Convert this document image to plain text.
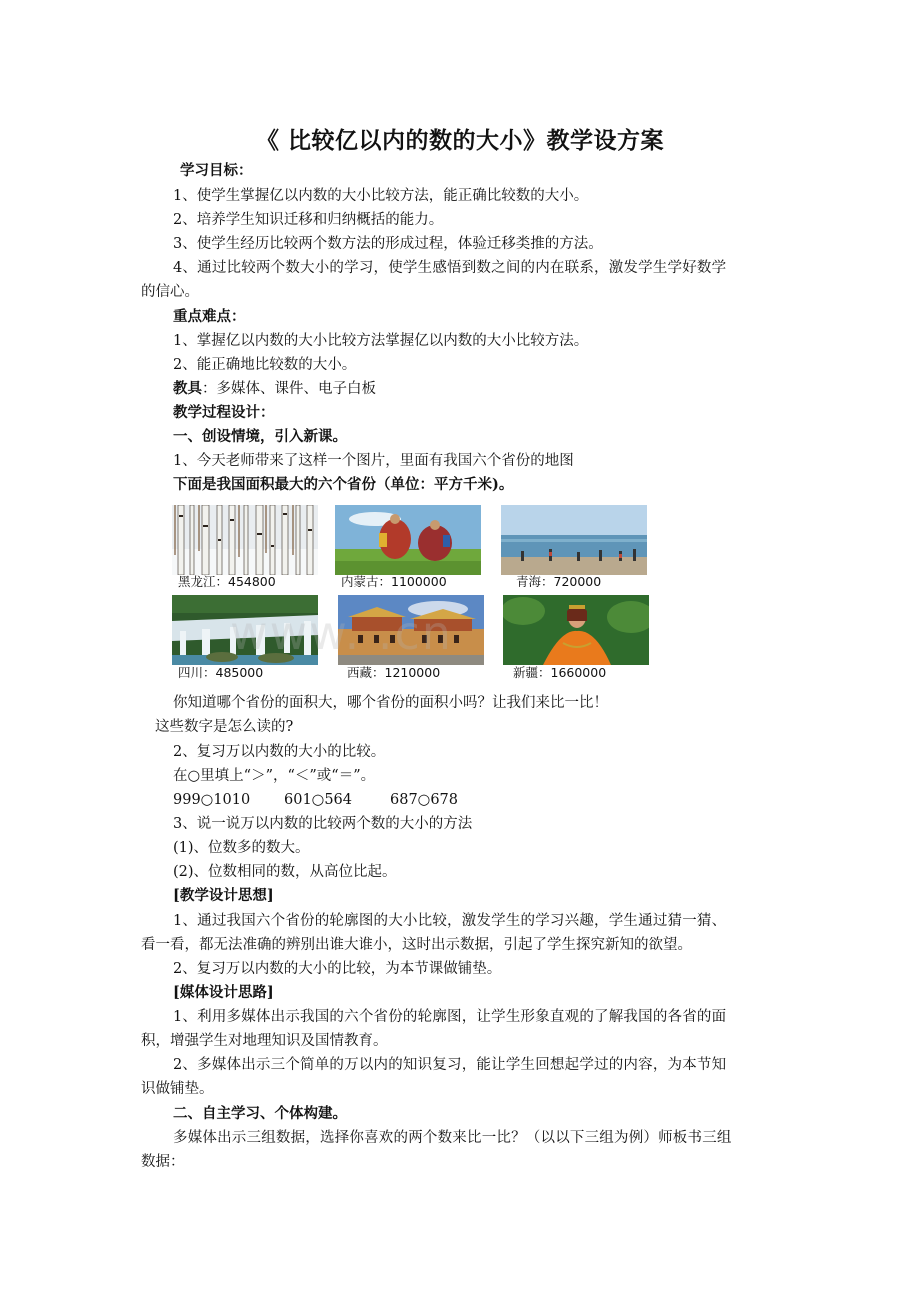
《 比较亿以内的数的大小》教学设方案
学习目标：
1、使学生掌握亿以内数的大小比较方法，能正确比较数的大小。
2、培养学生知识迁移和归纳概括的能力。
3、使学生经历比较两个数方法的形成过程，体验迁移类推的方法。
4、通过比较两个数大小的学习，使学生感悟到数之间的内在联系，激发学生学好数学
的信心。
重点难点：
1、掌握亿以内数的大小比较方法掌握亿以内数的大小比较方法。
2、能正确地比较数的大小。
教具：多媒体、课件、电子白板
教学过程设计：
一、创设情境，引入新课。
1、今天老师带来了这样一个图片，里面有我国六个省份的地图
下面是我国面积最大的六个省份（单位：平方千米)。
黑龙江：454800	内蒙古：1100000	青海：720000
四川：485000	西藏：1210000	新疆：1660000
www. .cn
你知道哪个省份的面积大，哪个省份的面积小吗？让我们来比一比！
这些数字是怎么读的?
2、复习万以内数的大小的比较。
在○里填上“＞”，“＜”或“＝”。
999○1010 601○564	687○678
3、说一说万以内数的比较两个数的大小的方法
(1)、位数多的数大。
(2)、位数相同的数，从高位比起。
[教学设计思想]
1、通过我国六个省份的轮廓图的大小比较，激发学生的学习兴趣，学生通过猜一猜、
看一看，都无法准确的辨别出谁大谁小，这时出示数据，引起了学生探究新知的欲望。
2、复习万以内数的大小的比较，为本节课做铺垫。
[媒体设计思路]
1、利用多媒体出示我国的六个省份的轮廓图，让学生形象直观的了解我国的各省的面
积，增强学生对地理知识及国情教育。
2、多媒体出示三个简单的万以内的知识复习，能让学生回想起学过的内容，为本节知
识做铺垫。
二、自主学习、个体构建。
多媒体出示三组数据，选择你喜欢的两个数来比一比？（以以下三组为例）师板书三组
数据：
